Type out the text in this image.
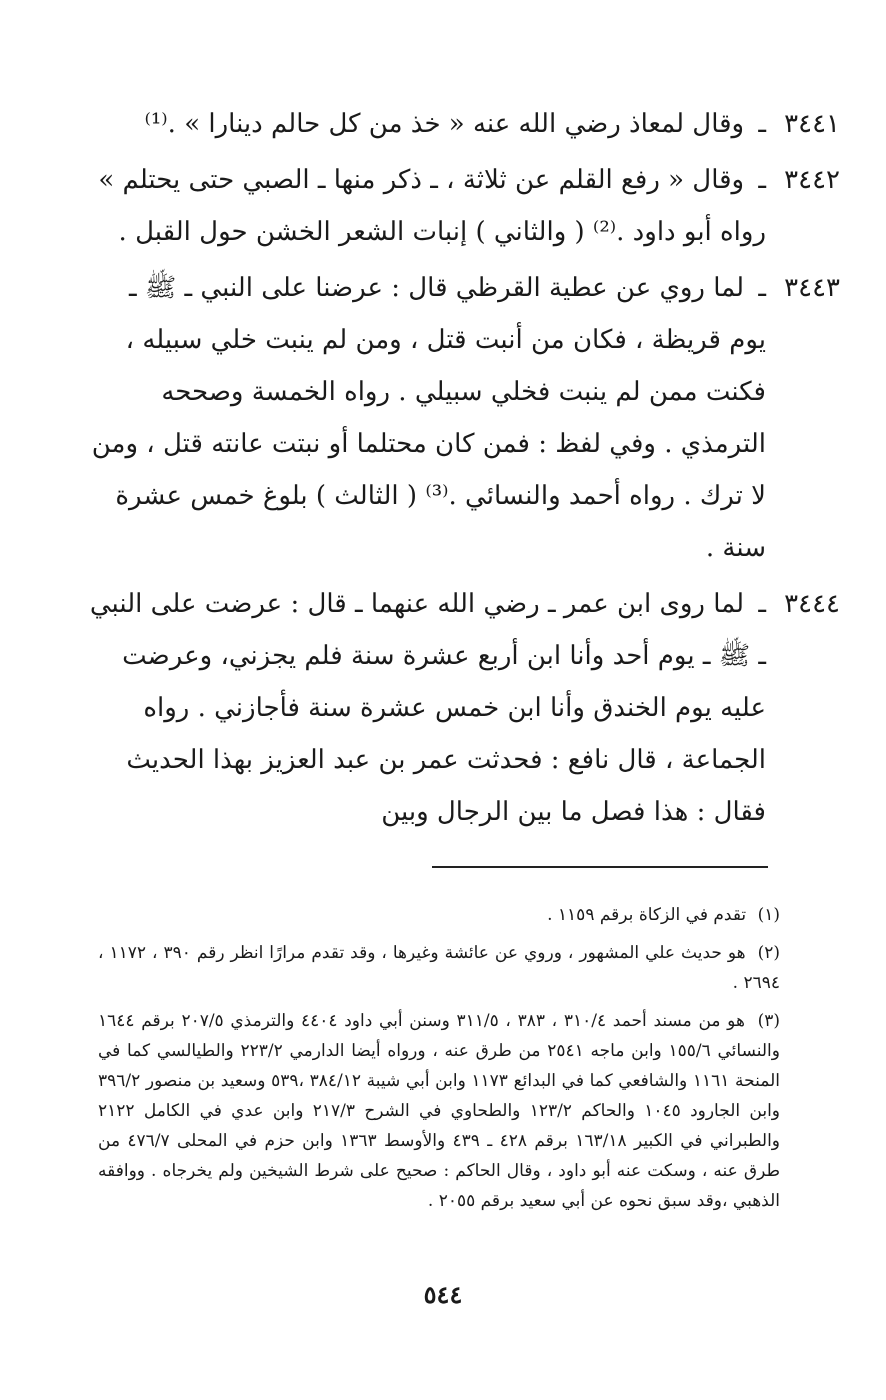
٣٤٤١
ـ وقال لمعاذ رضي الله عنه « خذ من كل حالم دينارا » .⁽¹⁾
٣٤٤٢
ـ وقال « رفع القلم عن ثلاثة ، ـ ذكر منها ـ الصبي حتى يحتلم » رواه أبو داود .⁽²⁾ ( والثاني ) إنبات الشعر الخشن حول القبل .
٣٤٤٣
ـ لما روي عن عطية القرظي قال : عرضنا على النبي ـ ﷺ ـ يوم قريظة ، فكان من أنبت قتل ، ومن لم ينبت خلي سبيله ، فكنت ممن لم ينبت فخلي سبيلي . رواه الخمسة وصححه الترمذي . وفي لفظ : فمن كان محتلما أو نبتت عانته قتل ، ومن لا ترك . رواه أحمد والنسائي .⁽³⁾ ( الثالث ) بلوغ خمس عشرة سنة .
٣٤٤٤
ـ لما روى ابن عمر ـ رضي الله عنهما ـ قال : عرضت على النبي ـ ﷺ ـ يوم أحد وأنا ابن أربع عشرة سنة فلم يجزني، وعرضت عليه يوم الخندق وأنا ابن خمس عشرة سنة فأجازني . رواه الجماعة ، قال نافع : فحدثت عمر بن عبد العزيز بهذا الحديث فقال : هذا فصل ما بين الرجال وبين
(١) تقدم في الزكاة برقم ١١٥٩ .
(٢) هو حديث علي المشهور ، وروي عن عائشة وغيرها ، وقد تقدم مرارًا انظر رقم ٣٩٠ ، ١١٧٢ ، ٢٦٩٤ .
(٣) هو من مسند أحمد ٣١٠/٤ ، ٣٨٣ ، ٣١١/٥ وسنن أبي داود ٤٤٠٤ والترمذي ٢٠٧/٥ برقم ١٦٤٤ والنسائي ١٥٥/٦ وابن ماجه ٢٥٤١ من طرق عنه ، ورواه أيضا الدارمي ٢٢٣/٢ والطيالسي كما في المنحة ١١٦١ والشافعي كما في البدائع ١١٧٣ وابن أبي شيبة ٣٨٤/١٢ ،٥٣٩ وسعيد بن منصور ٣٩٦/٢ وابن الجارود ١٠٤٥ والحاكم ١٢٣/٢ والطحاوي في الشرح ٢١٧/٣ وابن عدي في الكامل ٢١٢٢ والطبراني في الكبير ١٦٣/١٨ برقم ٤٢٨ ـ ٤٣٩ والأوسط ١٣٦٣ وابن حزم في المحلى ٤٧٦/٧ من طرق عنه ، وسكت عنه أبو داود ، وقال الحاكم : صحيح على شرط الشيخين ولم يخرجاه . ووافقه الذهبي ،وقد سبق نحوه عن أبي سعيد برقم ٢٠٥٥ .
٥٤٤
